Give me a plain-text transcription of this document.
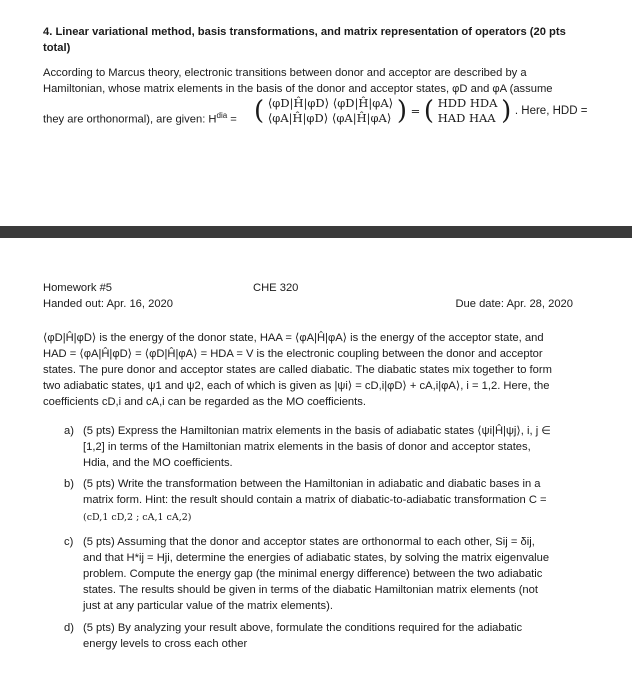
4. Linear variational method, basis transformations, and matrix representation of operators (20 pts

total)

According to Marcus theory, electronic transitions between donor and acceptor are described by a

Hamiltonian, whose matrix elements in the basis of the donor and acceptor states, φD and φA (assume

they are orthonormal), are given: $H^{dia}$ = ( ⟨φD|Ĥ|φD⟩ ⟨φD|Ĥ|φA⟩
⟨φA|Ĥ|φD⟩ ⟨φA|Ĥ|φA⟩ ) = ( HDD HDA
HAD HAA ) . Here, HDD =

Homework #5	CHE 320

Handed out: Apr. 16, 2020	Due date: Apr. 28, 2020

⟨φD|Ĥ|φD⟩ is the energy of the donor state, HAA = ⟨φA|Ĥ|φA⟩ is the energy of the acceptor state, and

HAD = ⟨φA|Ĥ|φD⟩ = ⟨φD|Ĥ|φA⟩ = HDA = V is the electronic coupling between the donor and acceptor

states. The pure donor and acceptor states are called diabatic. The diabatic states mix together to form

two adiabatic states, ψ1 and ψ2, each of which is given as |ψi⟩ = cD,i|φD⟩ + cA,i|φA⟩, i = 1,2. Here, the

coefficients cD,i and cA,i can be regarded as the MO coefficients.

a) (5 pts) Express the Hamiltonian matrix elements in the basis of adiabatic states ⟨ψi|Ĥ|ψj⟩, i, j ∈

[1,2] in terms of the Hamiltonian matrix elements in the basis of donor and acceptor states,

Hdia, and the MO coefficients.

b) (5 pts) Write the transformation between the Hamiltonian in adiabatic and diabatic bases in a

matrix form. Hint: the result should contain a matrix of diabatic-to-adiabatic transformation C =

(cD,1 cD,2 ; cA,1 cA,2)

c) (5 pts) Assuming that the donor and acceptor states are orthonormal to each other, Sij = δij,

and that H*ij = Hji, determine the energies of adiabatic states, by solving the matrix eigenvalue

problem. Compute the energy gap (the minimal energy difference) between the two adiabatic

states. The results should be given in terms of the diabatic Hamiltonian matrix elements (not

just at any particular value of the matrix elements).

d) (5 pts) By analyzing your result above, formulate the conditions required for the adiabatic

energy levels to cross each other
